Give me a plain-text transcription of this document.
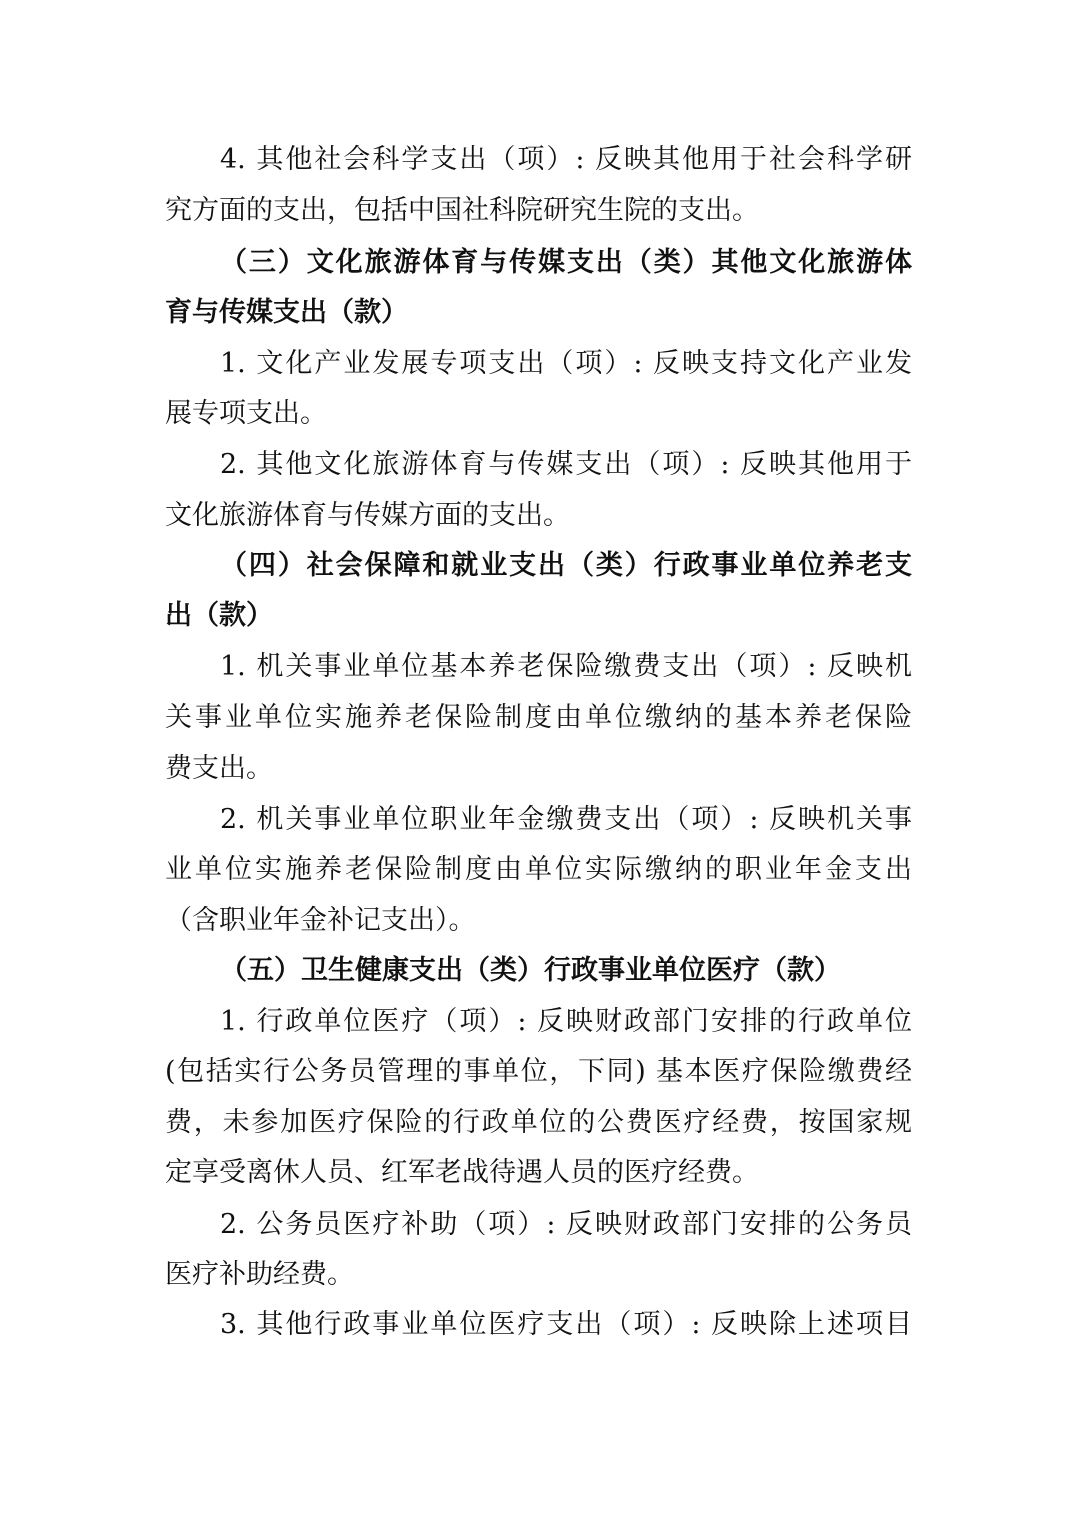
4. 其他社会科学支出（项）: 反映其他用于社会科学研
究方面的支出，包括中国社科院研究生院的支出。
（三）文化旅游体育与传媒支出（类）其他文化旅游体
育与传媒支出（款）
1. 文化产业发展专项支出（项）: 反映支持文化产业发
展专项支出。
2. 其他文化旅游体育与传媒支出（项）: 反映其他用于
文化旅游体育与传媒方面的支出。
（四）社会保障和就业支出（类）行政事业单位养老支
出（款）
1. 机关事业单位基本养老保险缴费支出（项）: 反映机
关事业单位实施养老保险制度由单位缴纳的基本养老保险
费支出。
2. 机关事业单位职业年金缴费支出（项）: 反映机关事
业单位实施养老保险制度由单位实际缴纳的职业年金支出
（含职业年金补记支出）。
（五）卫生健康支出（类）行政事业单位医疗（款）
1. 行政单位医疗（项）: 反映财政部门安排的行政单位
(包括实行公务员管理的事单位，下同) 基本医疗保险缴费经
费，未参加医疗保险的行政单位的公费医疗经费，按国家规
定享受离休人员、红军老战待遇人员的医疗经费。
2. 公务员医疗补助（项）: 反映财政部门安排的公务员
医疗补助经费。
3. 其他行政事业单位医疗支出（项）: 反映除上述项目
